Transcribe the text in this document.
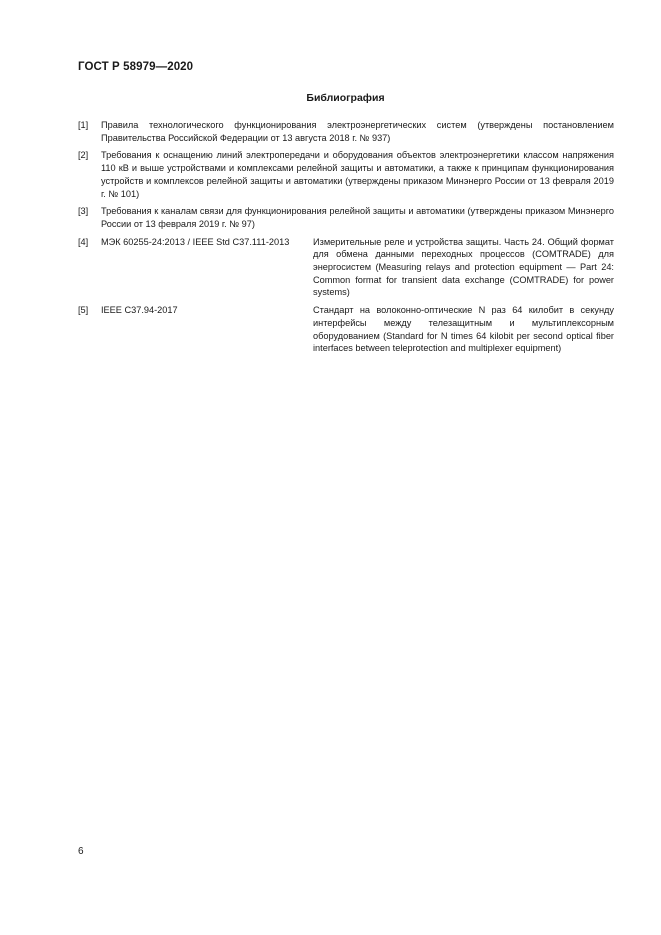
ГОСТ Р 58979—2020
Библиография
[1]	Правила технологического функционирования электроэнергетических систем (утверждены постановлением Правительства Российской Федерации от 13 августа 2018 г. № 937)
[2]	Требования к оснащению линий электропередачи и оборудования объектов электроэнергетики классом напряжения 110 кВ и выше устройствами и комплексами релейной защиты и автоматики, а также к принципам функционирования устройств и комплексов релейной защиты и автоматики (утверждены приказом Минэнерго России от 13 февраля 2019 г. № 101)
[3]	Требования к каналам связи для функционирования релейной защиты и автоматики (утверждены приказом Минэнерго России от 13 февраля 2019 г. № 97)
[4]	МЭК 60255-24:2013 / IEEE Std C37.111-2013	Измерительные реле и устройства защиты. Часть 24. Общий формат для обмена данными переходных процессов (COMTRADE) для энергосистем (Measuring relays and protection equipment — Part 24: Common format for transient data exchange (COMTRADE) for power systems)
[5]	IEEE C37.94-2017	Стандарт на волоконно-оптические N раз 64 килобит в секунду интерфейсы между телезащитным и мультиплексорным оборудованием (Standard for N times 64 kilobit per second optical fiber interfaces between teleprotection and multiplexer equipment)
6
